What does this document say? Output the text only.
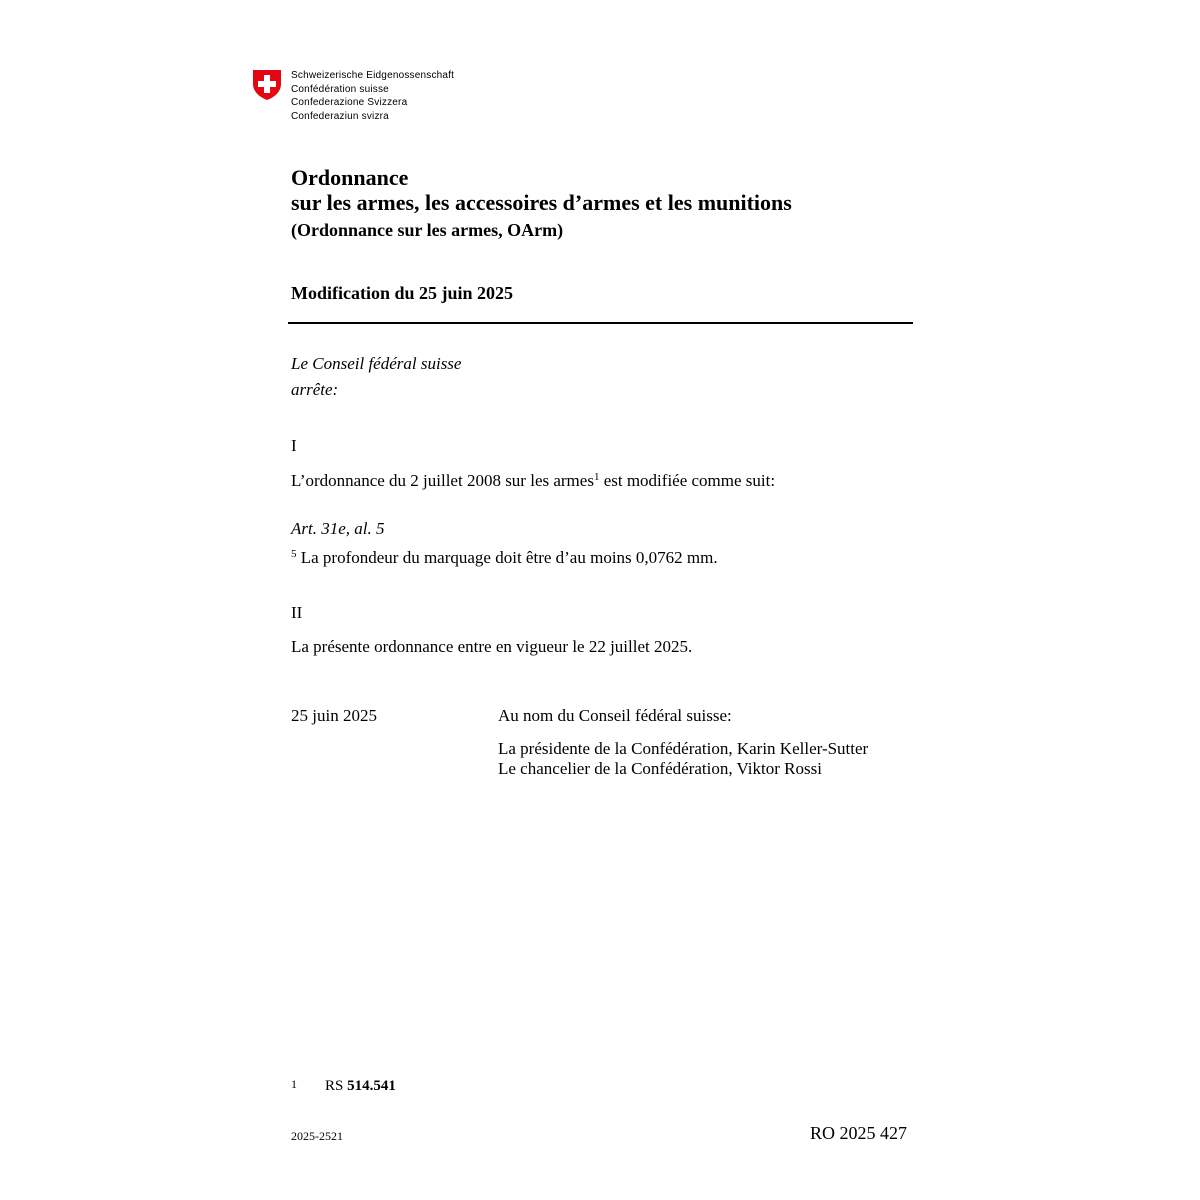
Schweizerische Eidgenossenschaft
Confédération suisse
Confederazione Svizzera
Confederaziun svizra
Ordonnance
sur les armes, les accessoires d’armes et les munitions
(Ordonnance sur les armes, OArm)
Modification du 25 juin 2025
Le Conseil fédéral suisse
arrête:
I
L’ordonnance du 2 juillet 2008 sur les armes$^1$ est modifiée comme suit:
Art. 31e, al. 5
$^5$ La profondeur du marquage doit être d’au moins 0,0762 mm.
II
La présente ordonnance entre en vigueur le 22 juillet 2025.
25 juin 2025	Au nom du Conseil fédéral suisse:
La présidente de la Confédération, Karin Keller-Sutter
Le chancelier de la Confédération, Viktor Rossi
1 RS 514.541
2025-2521	RO 2025 427
